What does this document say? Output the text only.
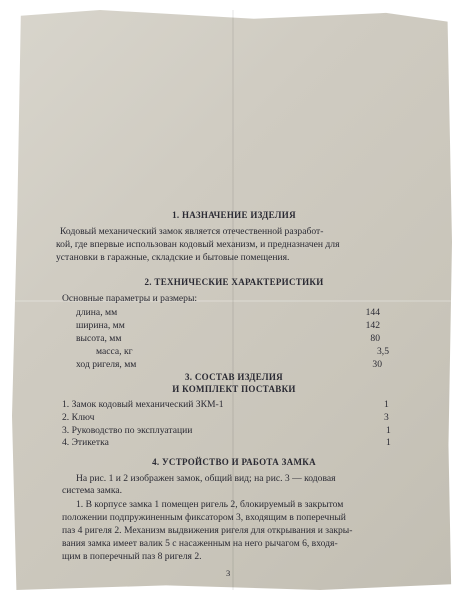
1. НАЗНАЧЕНИЕ ИЗДЕЛИЯ
Кодовый механический замок является отечественной разработ-
кой, где впервые использован кодовый механизм, и предназначен для
установки в гаражные, складские и бытовые помещения.
2. ТЕХНИЧЕСКИЕ ХАРАКТЕРИСТИКИ
Основные параметры и размеры:
длина, мм	144
ширина, мм	142
высота, мм	80
масса, кг	3,5
ход ригеля, мм	30
3. СОСТАВ ИЗДЕЛИЯ
И КОМПЛЕКТ ПОСТАВКИ
1. Замок кодовый механический ЗКМ-1	1
2. Ключ	3
3. Руководство по эксплуатации	1
4. Этикетка	1
4. УСТРОЙСТВО И РАБОТА ЗАМКА
На рис. 1 и 2 изображен замок, общий вид; на рис. 3 — кодовая
система замка.
1. В корпусе замка 1 помещен ригель 2, блокируемый в закрытом
положении подпружиненным фиксатором 3, входящим в поперечный
паз 4 ригеля 2. Механизм выдвижения ригеля для открывания и закры-
вания замка имеет валик 5 с насаженным на него рычагом 6, входя-
щим в поперечный паз 8 ригеля 2.
3
